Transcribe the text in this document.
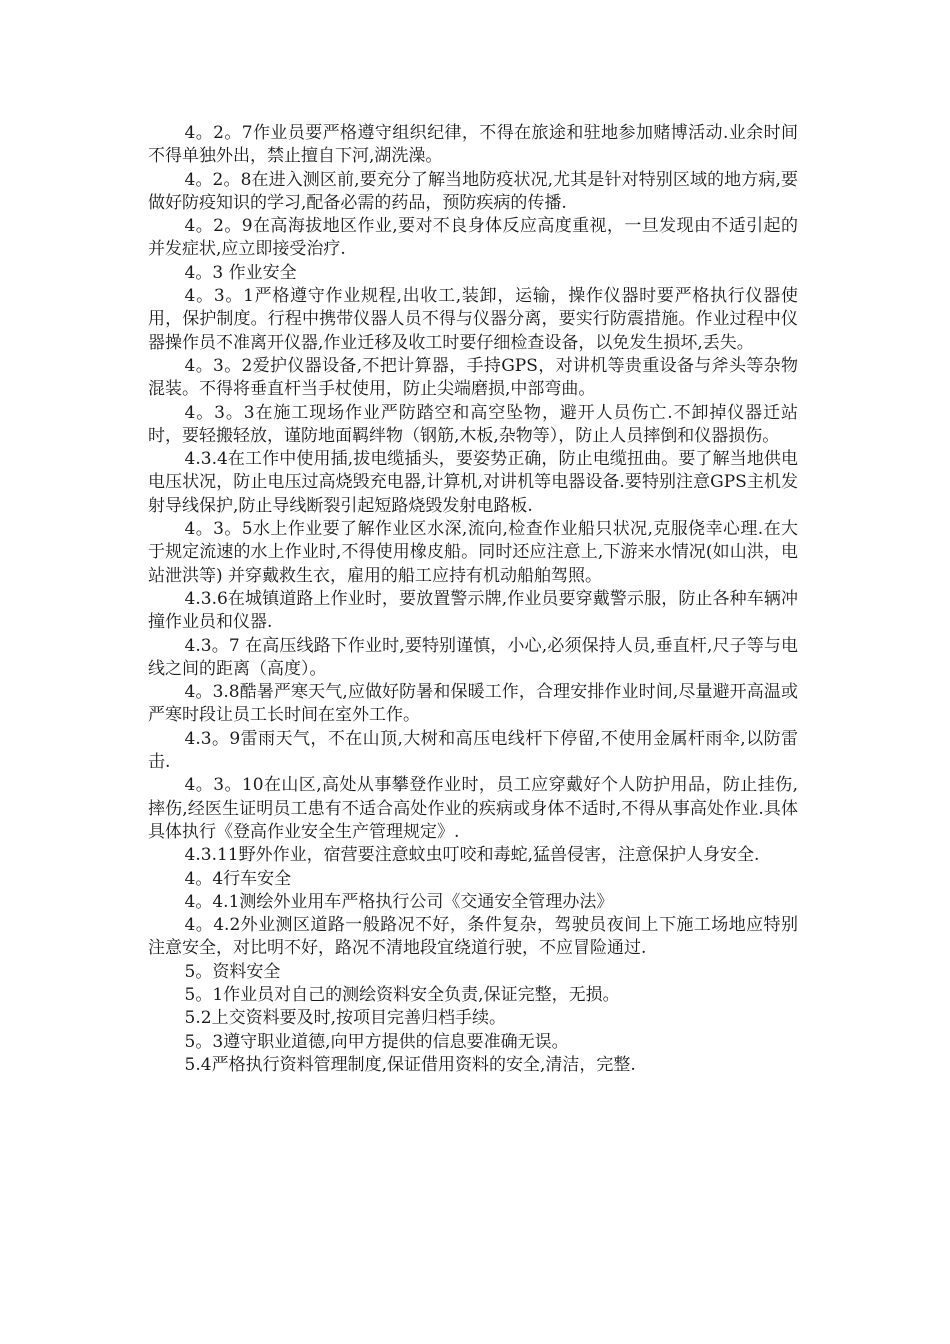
4。2。7作业员要严格遵守组织纪律，不得在旅途和驻地参加赌博活动.业余时间不得单独外出，禁止擅自下河,湖洗澡。

4。2。8在进入测区前,要充分了解当地防疫状况,尤其是针对特别区域的地方病,要做好防疫知识的学习,配备必需的药品，预防疾病的传播.

4。2。9在高海拔地区作业,要对不良身体反应高度重视，一旦发现由不适引起的并发症状,应立即接受治疗.

4。3 作业安全

4。3。1严格遵守作业规程,出收工,装卸，运输，操作仪器时要严格执行仪器使用，保护制度。行程中携带仪器人员不得与仪器分离，要实行防震措施。作业过程中仪器操作员不准离开仪器,作业迁移及收工时要仔细检查设备，以免发生损坏,丢失。

4。3。2爱护仪器设备,不把计算器，手持GPS，对讲机等贵重设备与斧头等杂物混装。不得将垂直杆当手杖使用，防止尖端磨损,中部弯曲。

4。3。3在施工现场作业严防踏空和高空坠物，避开人员伤亡.不卸掉仪器迁站时，要轻搬轻放，谨防地面羁绊物（钢筋,木板,杂物等），防止人员摔倒和仪器损伤。

4.3.4在工作中使用插,拔电缆插头，要姿势正确，防止电缆扭曲。要了解当地供电电压状况，防止电压过高烧毁充电器,计算机,对讲机等电器设备.要特别注意GPS主机发射导线保护,防止导线断裂引起短路烧毁发射电路板.

4。3。5水上作业要了解作业区水深,流向,检查作业船只状况,克服侥幸心理.在大于规定流速的水上作业时,不得使用橡皮船。同时还应注意上,下游来水情况(如山洪，电站泄洪等) 并穿戴救生衣，雇用的船工应持有机动船舶驾照。

4.3.6在城镇道路上作业时，要放置警示牌,作业员要穿戴警示服，防止各种车辆冲撞作业员和仪器.

4.3。7 在高压线路下作业时,要特别谨慎，小心,必须保持人员,垂直杆,尺子等与电 线之间的距离（高度）。

4。3.8酷暑严寒天气,应做好防暑和保暖工作，合理安排作业时间,尽量避开高温或严寒时段让员工长时间在室外工作。

4.3。9雷雨天气，不在山顶,大树和高压电线杆下停留,不使用金属杆雨伞,以防雷击.

4。3。10在山区,高处从事攀登作业时，员工应穿戴好个人防护用品，防止挂伤,摔伤,经医生证明员工患有不适合高处作业的疾病或身体不适时,不得从事高处作业.具体具体执行《登高作业安全生产管理规定》.

4.3.11野外作业，宿营要注意蚊虫叮咬和毒蛇,猛兽侵害，注意保护人身安全.

4。4行车安全

4。4.1测绘外业用车严格执行公司《交通安全管理办法》

4。4.2外业测区道路一般路况不好，条件复杂，驾驶员夜间上下施工场地应特别注意安全，对比明不好，路况不清地段宜绕道行驶，不应冒险通过.

5。资料安全

5。1作业员对自己的测绘资料安全负责,保证完整，无损。

5.2上交资料要及时,按项目完善归档手续。

5。3遵守职业道德,向甲方提供的信息要准确无误。

5.4严格执行资料管理制度,保证借用资料的安全,清洁，完整.
